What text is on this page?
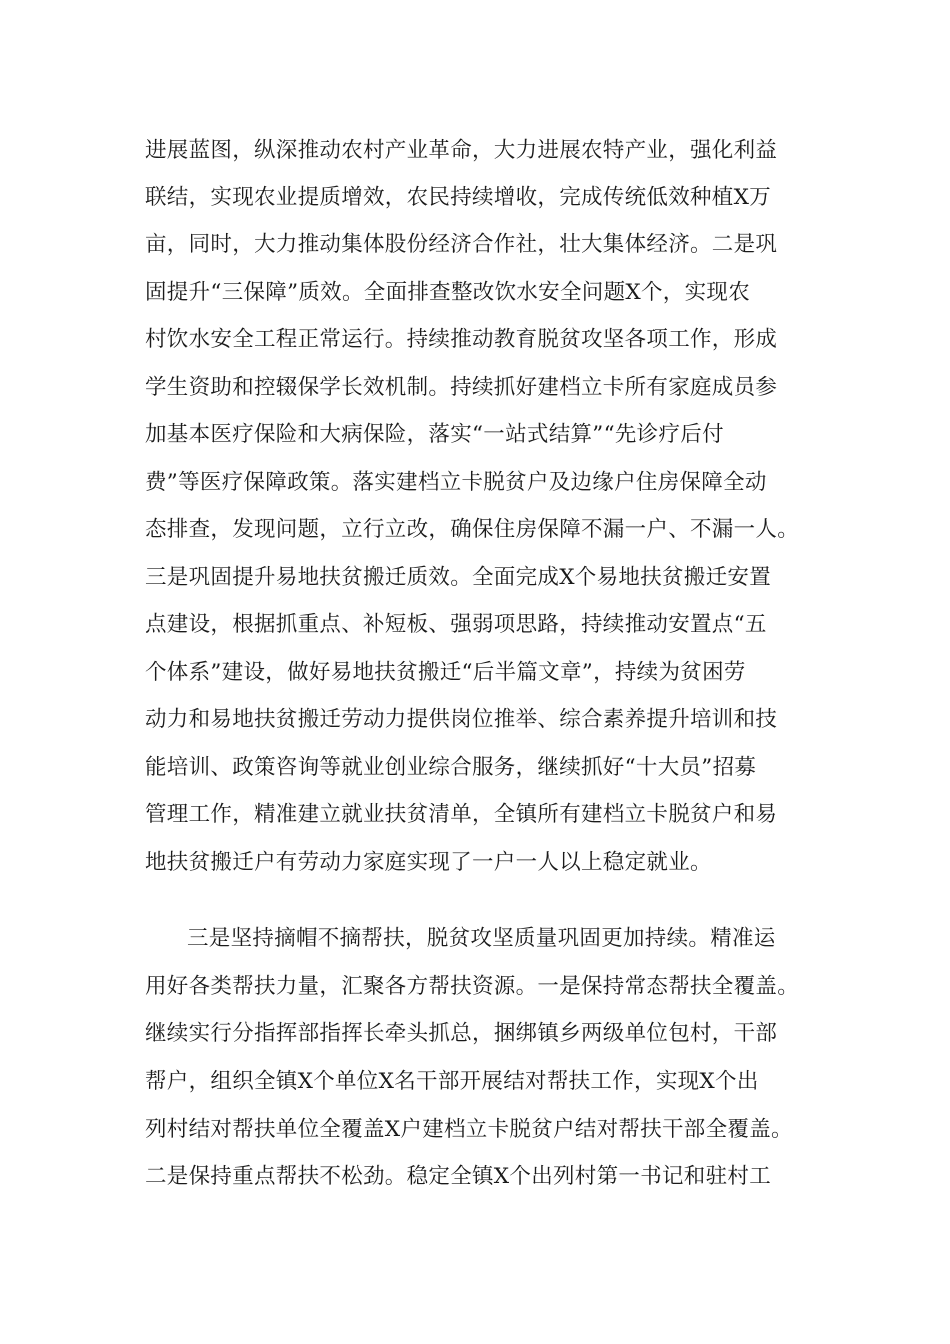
进展蓝图，纵深推动农村产业革命，大力进展农特产业，强化利益
联结，实现农业提质增效，农民持续增收，完成传统低效种植X万
亩，同时，大力推动集体股份经济合作社，壮大集体经济。二是巩
固提升“三保障”质效。全面排查整改饮水安全问题X个，实现农
村饮水安全工程正常运行。持续推动教育脱贫攻坚各项工作，形成
学生资助和控辍保学长效机制。持续抓好建档立卡所有家庭成员参
加基本医疗保险和大病保险，落实“一站式结算”“先诊疗后付
费”等医疗保障政策。落实建档立卡脱贫户及边缘户住房保障全动
态排查，发现问题，立行立改，确保住房保障不漏一户、不漏一人。
三是巩固提升易地扶贫搬迁质效。全面完成X个易地扶贫搬迁安置
点建设，根据抓重点、补短板、强弱项思路，持续推动安置点“五
个体系”建设，做好易地扶贫搬迁“后半篇文章”，持续为贫困劳
动力和易地扶贫搬迁劳动力提供岗位推举、综合素养提升培训和技
能培训、政策咨询等就业创业综合服务，继续抓好“十大员”招募
管理工作，精准建立就业扶贫清单，全镇所有建档立卡脱贫户和易
地扶贫搬迁户有劳动力家庭实现了一户一人以上稳定就业。
三是坚持摘帽不摘帮扶，脱贫攻坚质量巩固更加持续。精准运
用好各类帮扶力量，汇聚各方帮扶资源。一是保持常态帮扶全覆盖。
继续实行分指挥部指挥长牵头抓总，捆绑镇乡两级单位包村，干部
帮户，组织全镇X个单位X名干部开展结对帮扶工作，实现X个出
列村结对帮扶单位全覆盖X户建档立卡脱贫户结对帮扶干部全覆盖。
二是保持重点帮扶不松劲。稳定全镇X个出列村第一书记和驻村工
